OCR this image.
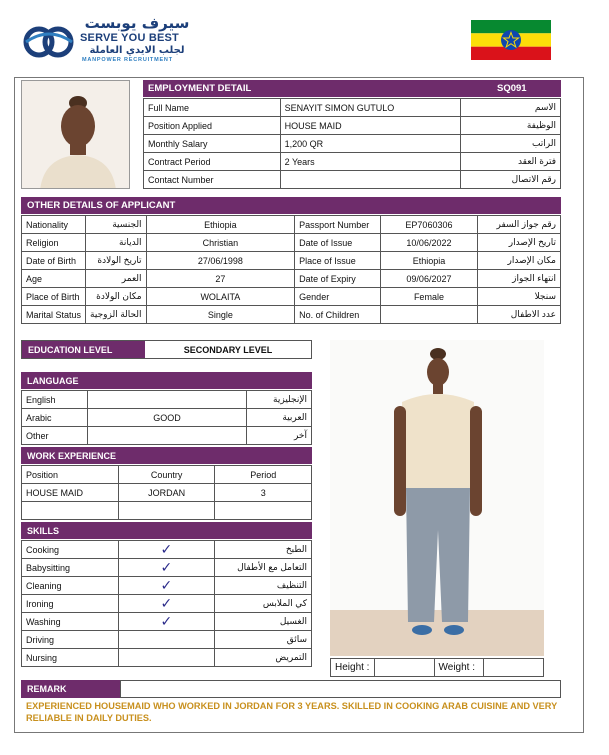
سيرف يوبست
SERVE YOU BEST
لجلب الايدي العاملة
MANPOWER RECRUITMENT
EMPLOYMENT DETAIL	SQ091
Full Name	SENAYIT SIMON GUTULO	الاسم
Position Applied	HOUSE MAID	الوظيفة
Monthly Salary	1,200 QR	الراتب
Contract Period	2 Years	فترة العقد
Contact Number		رقم الاتصال
OTHER DETAILS OF APPLICANT
Nationality	الجنسية	Ethiopia	Passport Number	EP7060306	رقم جواز السفر
Religion	الديانة	Christian	Date of Issue	10/06/2022	تاريخ الإصدار
Date of Birth	تاريخ الولادة	27/06/1998	Place of Issue	Ethiopia	مكان الإصدار
Age	العمر	27	Date of Expiry	09/06/2027	انتهاء الجواز
Place of Birth	مكان الولادة	WOLAITA	Gender	Female	سنجلا
Marital Status	الحالة الزوجية	Single	No. of Children		عدد الاطفال
EDUCATION LEVEL	SECONDARY LEVEL
LANGUAGE
English		الإنجليزية
Arabic	GOOD	العربية
Other		آخر
WORK EXPERIENCE
Position	Country	Period
HOUSE MAID	JORDAN	3

SKILLS
Cooking	✓	الطبخ
Babysitting	✓	التعامل مع الأطفال
Cleaning	✓	التنظيف
Ironing	✓	كي الملابس
Washing	✓	الغسيل
Driving		سائق
Nursing		التمريض
Height :		Weight :	
REMARK
EXPERIENCED HOUSEMAID WHO WORKED IN JORDAN FOR 3 YEARS. SKILLED IN COOKING ARAB CUISINE AND VERY RELIABLE IN DAILY DUTIES.
